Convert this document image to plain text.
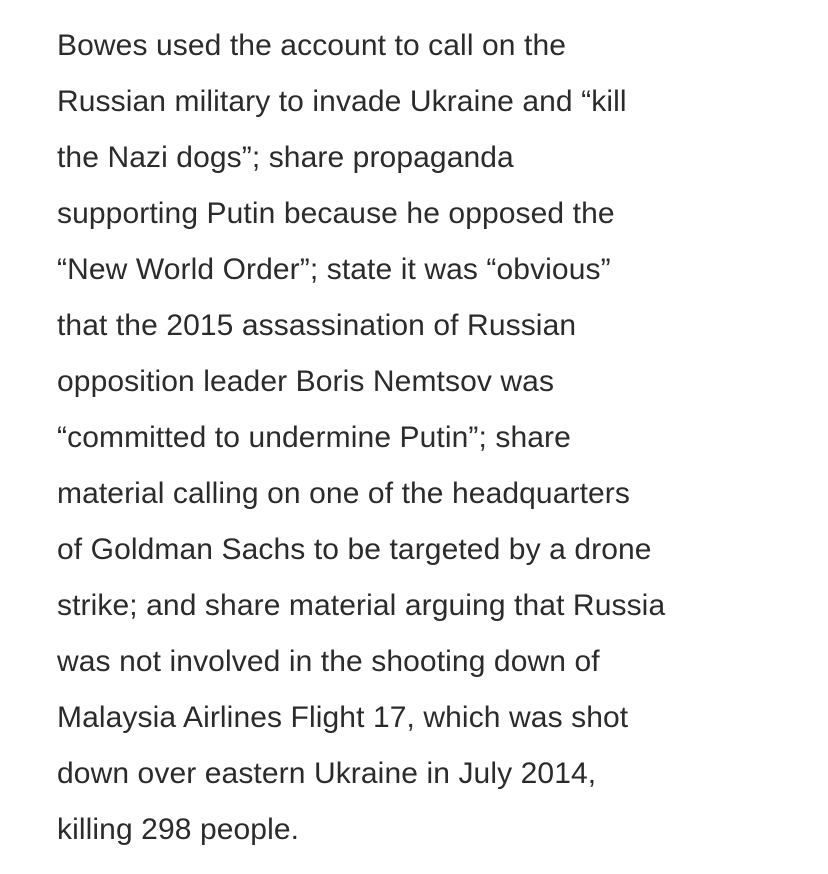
Bowes used the account to call on the
Russian military to invade Ukraine and “kill
the Nazi dogs”; share propaganda
supporting Putin because he opposed the
“New World Order”; state it was “obvious”
that the 2015 assassination of Russian
opposition leader Boris Nemtsov was
“committed to undermine Putin”; share
material calling on one of the headquarters
of Goldman Sachs to be targeted by a drone
strike; and share material arguing that Russia
was not involved in the shooting down of
Malaysia Airlines Flight 17, which was shot
down over eastern Ukraine in July 2014,
killing 298 people.
